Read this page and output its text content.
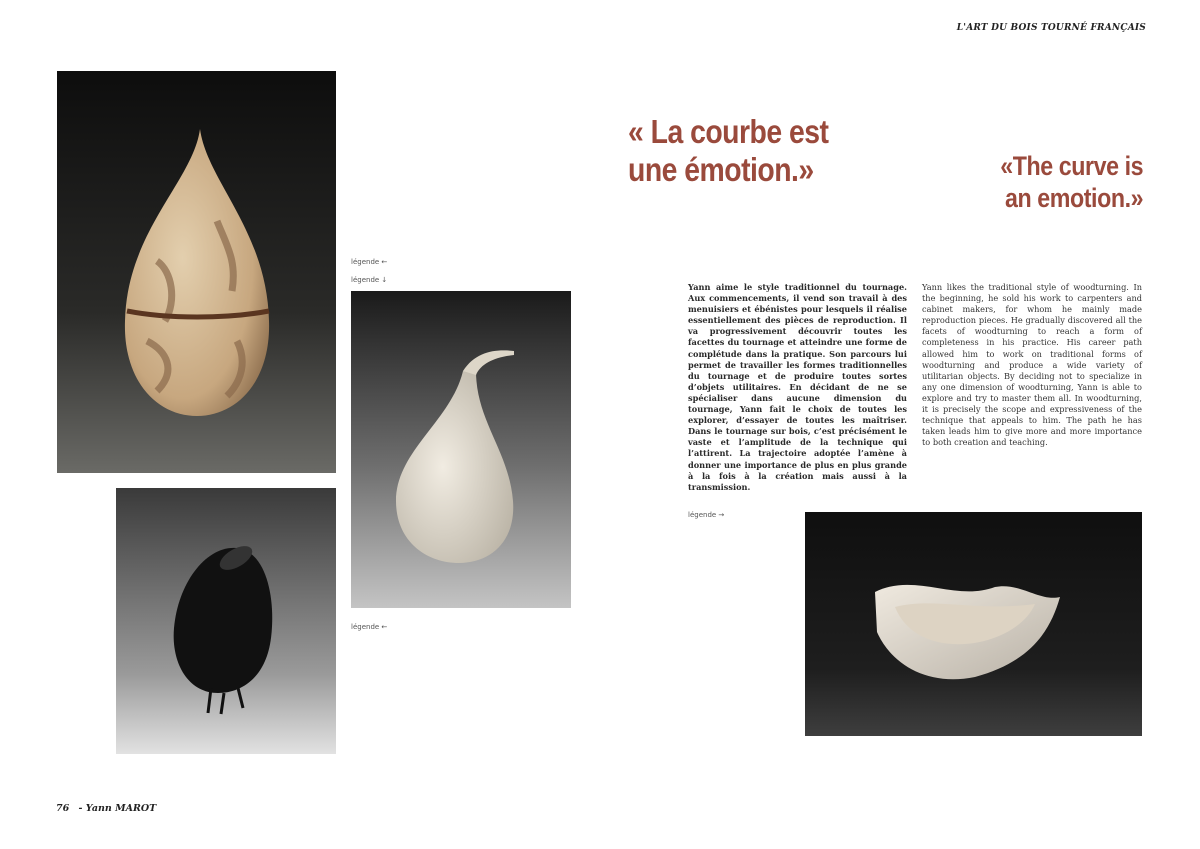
L'ART DU BOIS TOURNÉ FRANÇAIS
légende ←
légende ↓
légende ←
légende →
« La courbe est
une émotion.»	«The curve is
an emotion.»
Yann aime le style traditionnel du tournage. Aux commencements, il vend son travail à des menuisiers et ébénistes pour lesquels il réalise essentiellement des pièces de reproduction. Il va progressivement découvrir toutes les facettes du tournage et atteindre une forme de complétude dans la pratique. Son parcours lui permet de travailler les formes traditionnelles du tournage et de produire toutes sortes d’objets utilitaires. En décidant de ne se spécialiser dans aucune dimension du tournage, Yann fait le choix de toutes les explorer, d’essayer de toutes les maîtriser. Dans le tournage sur bois, c’est précisément le vaste et l’amplitude de la technique qui l’attirent. La trajectoire adoptée l’amène à donner une importance de plus en plus grande à la fois à la création mais aussi à la transmission.
Yann likes the traditional style of woodturning. In the beginning, he sold his work to carpenters and cabinet makers, for whom he mainly made reproduction pieces. He gradually discovered all the facets of woodturning to reach a form of completeness in his practice. His career path allowed him to work on traditional forms of woodturning and produce a wide variety of utilitarian objects. By deciding not to specialize in any one dimension of woodturning, Yann is able to explore and try to master them all. In woodturning, it is precisely the scope and expressiveness of the technique that appeals to him. The path he has taken leads him to give more and more importance to both creation and teaching.
76 - Yann MAROT
